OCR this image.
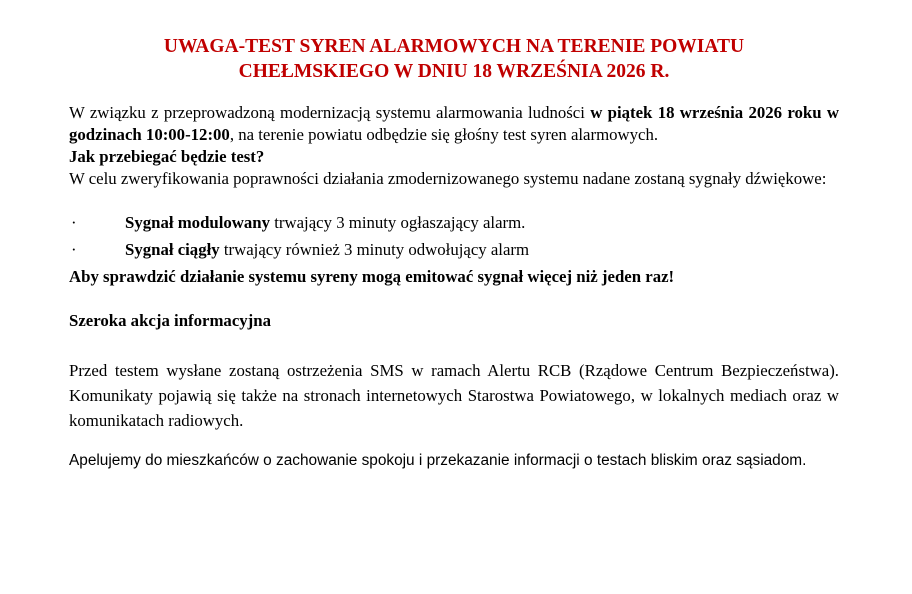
UWAGA-TEST SYREN ALARMOWYCH NA TERENIE POWIATU
CHEŁMSKIEGO W DNIU 18 WRZEŚNIA 2026 R.

W związku z przeprowadzoną modernizacją systemu alarmowania ludności w piątek 18 września 2026 roku w godzinach 10:00-12:00, na terenie powiatu odbędzie się głośny test syren alarmowych.

Jak przebiegać będzie test?

W celu zweryfikowania poprawności działania zmodernizowanego systemu nadane zostaną sygnały dźwiękowe:

·	Sygnał modulowany trwający 3 minuty ogłaszający alarm.
·	Sygnał ciągły trwający również 3 minuty odwołujący alarm

Aby sprawdzić działanie systemu syreny mogą emitować sygnał więcej niż jeden raz!

Szeroka akcja informacyjna

Przed testem wysłane zostaną ostrzeżenia SMS w ramach Alertu RCB (Rządowe Centrum Bezpieczeństwa). Komunikaty pojawią się także na stronach internetowych Starostwa Powiatowego, w lokalnych mediach oraz w komunikatach radiowych.

Apelujemy do mieszkańców o zachowanie spokoju i przekazanie informacji o testach bliskim oraz sąsiadom.
